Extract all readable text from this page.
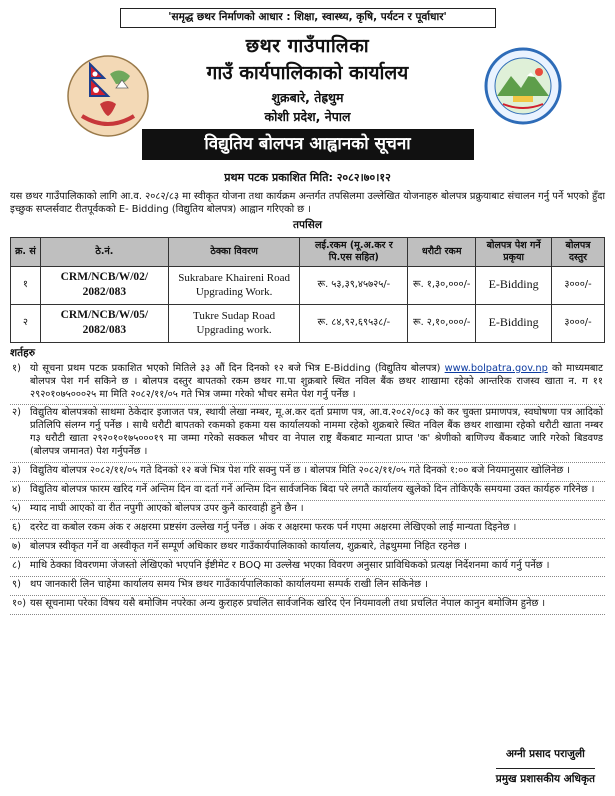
'समृद्ध छथर निर्माणको आधार : शिक्षा, स्वास्थ्य, कृषि, पर्यटन र पूर्वाधार'
छथर गाउँपालिका
गाउँ कार्यपालिकाको कार्यालय
शुक्रबारे, तेह्रथुम
कोशी प्रदेश, नेपाल
विद्युतिय बोलपत्र आह्वानको सूचना
प्रथम पटक प्रकाशित मिति: २०८२।७०।१२

यस छथर गाउँपालिकाको लागि आ.व. २०८२/८३ मा स्वीकृत योजना तथा कार्यक्रम अन्तर्गत तपसिलमा उल्लेखित योजनाहरु बोलपत्र प्रक्रुयाबाट संचालन गर्नु पर्ने भएको हुँदा इच्छुक सप्लर्सवाट रीतपूर्वकको E- Bidding (विद्युतिय बोलपत्र) आह्वान गरिएको छ ।

तपसिल
क्र. सं	ठे.नं.	ठेक्का विवरण	लई.रकम (मू.अ.कर र पि.एस सहित)	धरौटी रकम	बोलपत्र पेश गर्ने प्रकृया	बोलपत्र दस्तुर
१	CRM/NCB/W/02/ 2082/083	Sukrabare Khaireni Road Upgrading Work.	रू. ५३,३९,४५७२५/-	रू. १,३०,०००/-	E-Bidding	३०००/-
२	CRM/NCB/W/05/ 2082/083	Tukre Sudap Road Upgrading work.	रू. ८४,९२,६९५३८/-	रू. २,१०,०००/-	E-Bidding	३०००/-
शर्तहरु
१) यो सूचना प्रथम पटक प्रकाशित भएको मितिले ३३ औं दिन दिनको १२ बजे भित्र E-Bidding (विद्युतिय बोलपत्र) www.bolpatra.gov.np को माध्यमबाट बोलपत्र पेश गर्न सकिने छ । बोलपत्र दस्तुर बापतको रकम छथर गा.पा शुक्रबारे स्थित नविल बैंक छथर शाखामा रहेको आन्तरिक राजस्व खाता न. ग ११ २९२०१०७५०००२५ मा मिति २०८२/११/०५ गते भित्र जम्मा गरेको भौचर समेत पेश गर्नु पर्नेछ ।
२) विद्युतिय बोलपत्रको साथमा ठेकेदार इजाजत पत्र, स्थायी लेखा नम्बर, मू.अ.कर दर्ता प्रमाण पत्र, आ.व.२०८२/०८३ को कर चुक्ता प्रमाणपत्र, स्वघोषणा पत्र आदिको प्रतिलिपि संलग्न गर्नु पर्नेछ । साथै धरौटी बापतको रकमको हकमा यस कार्यालयको नाममा रहेको शुक्रबारे स्थित नविल बैंक छथर शाखामा रहेको धरौटी खाता नम्बर ग३ धरौटी खाता २९२०१०१७५०००१९ मा जम्मा गरेको सक्कल भौचर वा नेपाल राष्ट्र बैंकबाट मान्यता प्राप्त 'क' श्रेणीको बाणिज्य बैंकबाट जारि गरेको बिडवण्ड (बोलपत्र जमानत) पेश गर्नुपर्नेछ ।
३) विद्युतिय बोलपत्र २०८२/११/०५ गते दिनको १२ बजे भित्र पेश गरि सक्नु पर्ने छ । बोलपत्र मिति २०८२/११/०५ गते दिनको १:०० बजे नियमानुसार खोलिनेछ ।
४) विद्युतिय बोलपत्र फारम खरिद गर्ने अन्तिम दिन वा दर्ता गर्ने अन्तिम दिन सार्वजनिक बिदा परे लगतै कार्यालय खुलेको दिन तोकिएकै समयमा उक्त कार्यहरु गरिनेछ ।
५) म्याद नाघी आएको वा रीत नपुगी आएको बोलपत्र उपर कुनै कारवाही हुने छैन ।
६) दररेट वा कबोल रकम अंक र अक्षरमा प्रष्टसंग उल्लेख गर्नु पर्नेछ । अंक र अक्षरमा फरक पर्न गएमा अक्षरमा लेखिएको लाई मान्यता दिइनेछ ।
७) बोलपत्र स्वीकृत गर्ने वा अस्वीकृत गर्ने सम्पूर्ण अधिकार छथर गाउँकार्यपालिकाको कार्यालय, शुक्रबारे, तेह्रथुममा निहित रहनेछ ।
८) माथि ठेक्का विवरणमा जेजस्तो लेखिएको भएपनि ईष्टीमेट र BOQ मा उल्लेख भएका विवरण अनुसार प्राविधिकको प्रत्यक्ष निर्देशनमा कार्य गर्नु पर्नेछ ।
९) थप जानकारी लिन चाहेमा कार्यालय समय भित्र छथर गाउँकार्यपालिकाको कार्यालयमा सम्पर्क राखी लिन सकिनेछ ।
१०) यस सूचनामा परेका विषय यसै बमोजिम नपरेका अन्य कुराहरु प्रचलित सार्वजनिक खरिद ऐन नियमावली तथा प्रचलित नेपाल कानुन बमोजिम हुनेछ ।
अग्नी प्रसाद पराजुली
प्रमुख प्रशासकीय अधिकृत
